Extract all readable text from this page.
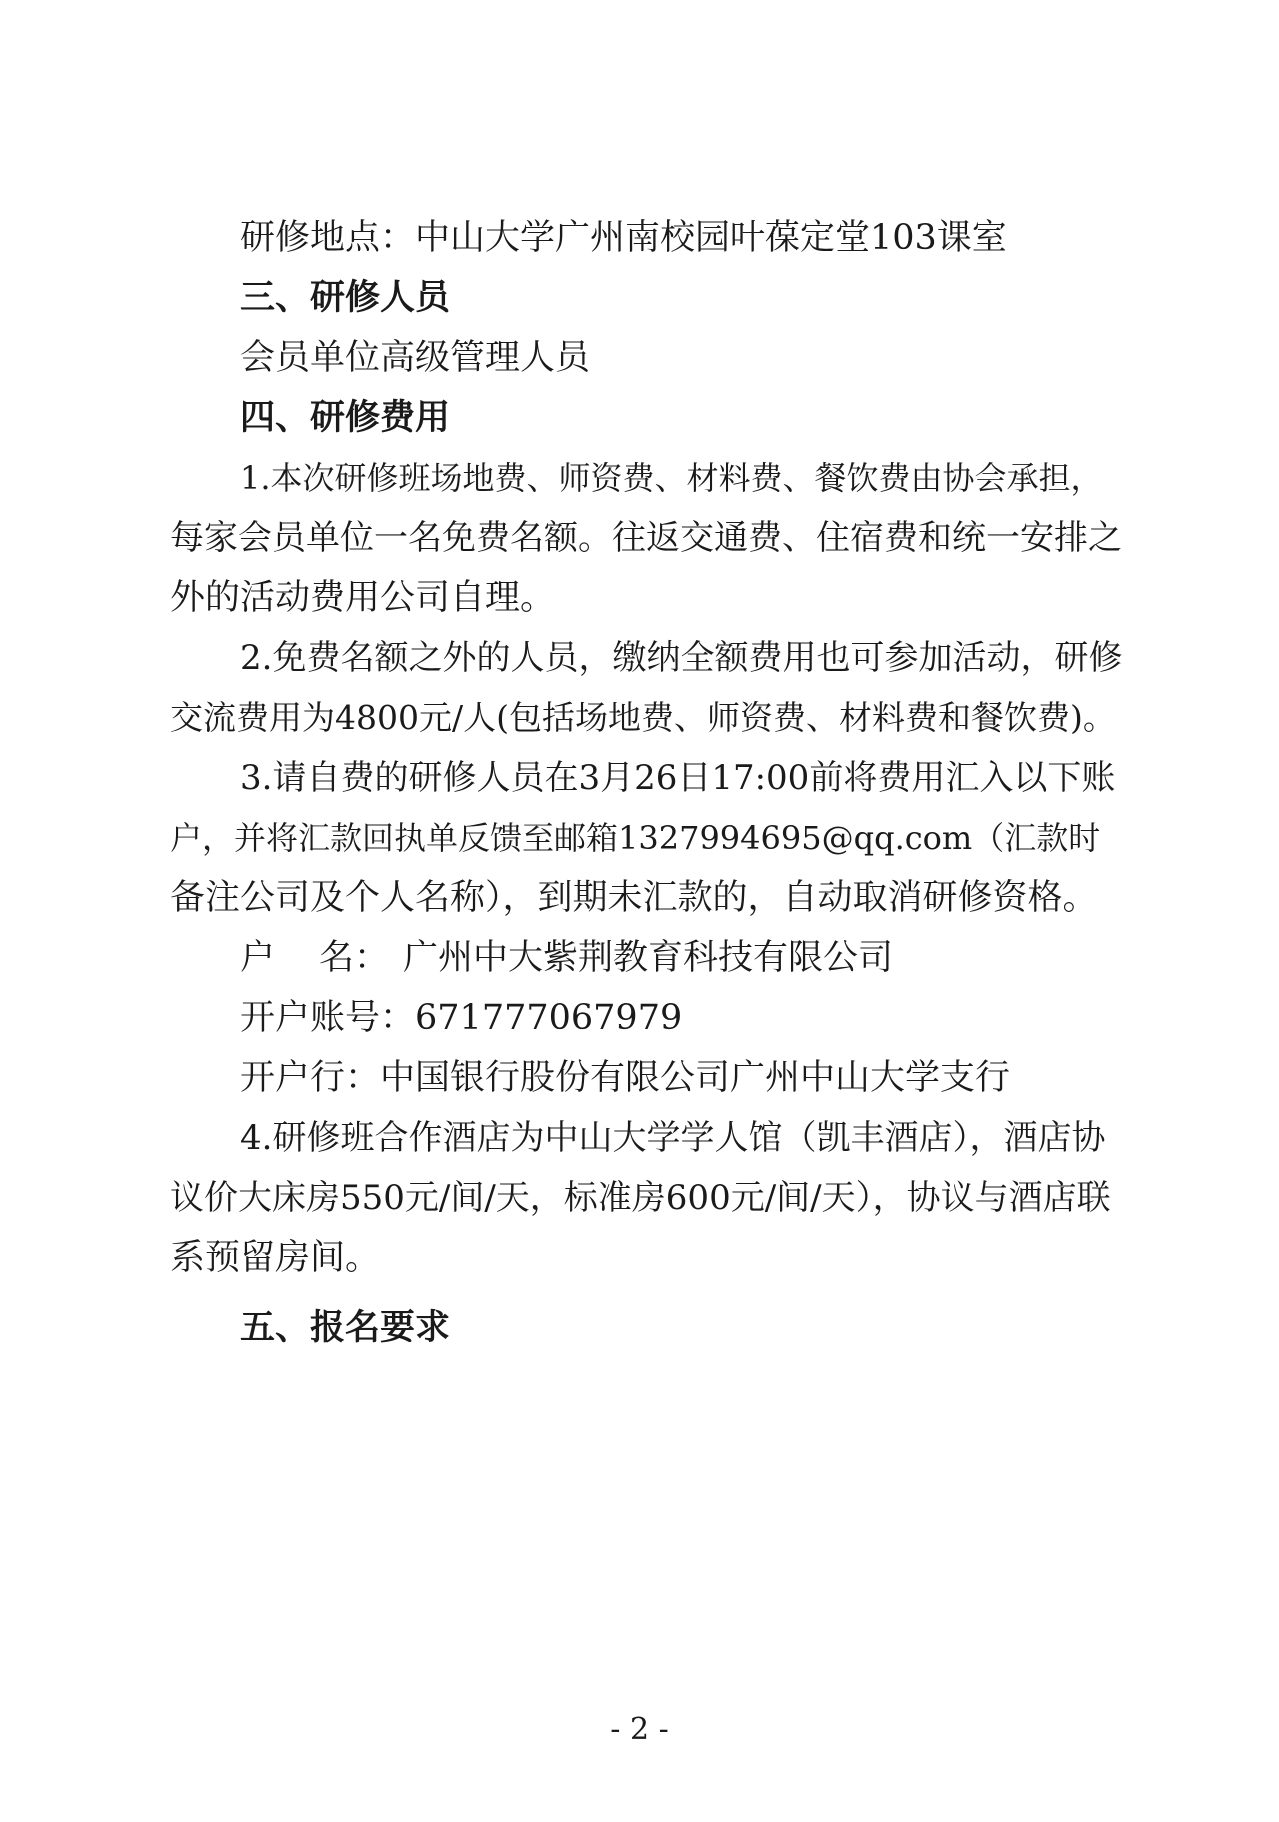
研修地点：中山大学广州南校园叶葆定堂103课室
三、研修人员
会员单位高级管理人员
四、研修费用
1.本次研修班场地费、师资费、材料费、餐饮费由协会承担，
每家会员单位一名免费名额。往返交通费、住宿费和统一安排之
外的活动费用公司自理。
2.免费名额之外的人员，缴纳全额费用也可参加活动，研修
交流费用为4800元/人(包括场地费、师资费、材料费和餐饮费)。
3.请自费的研修人员在3月26日17:00前将费用汇入以下账
户，并将汇款回执单反馈至邮箱1327994695@qq.com（汇款时
备注公司及个人名称），到期未汇款的，自动取消研修资格。
户 名： 广州中大紫荆教育科技有限公司
开户账号：671777067979
开户行：中国银行股份有限公司广州中山大学支行
4.研修班合作酒店为中山大学学人馆（凯丰酒店），酒店协
议价大床房550元/间/天，标准房600元/间/天），协议与酒店联
系预留房间。
五、报名要求
- 2 -
